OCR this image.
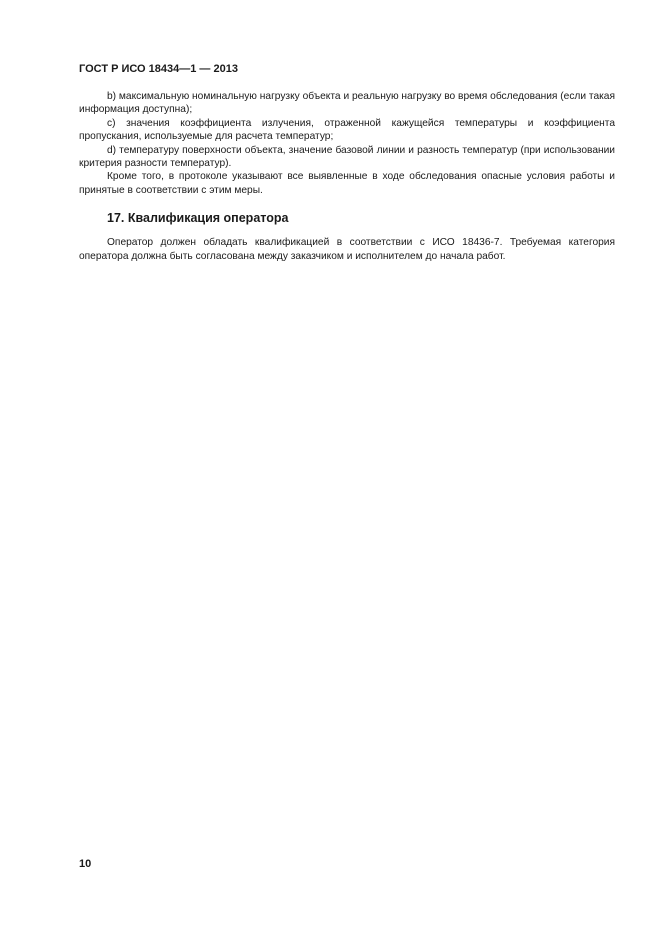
ГОСТ Р ИСО 18434—1 — 2013

b) максимальную номинальную нагрузку объекта и реальную нагрузку во время обследования (если такая информация доступна);

c) значения коэффициента излучения, отраженной кажущейся температуры и коэффициента пропускания, используемые для расчета температур;

d) температуру поверхности объекта, значение базовой линии и разность температур (при использовании критерия разности температур).

Кроме того, в протоколе указывают все выявленные в ходе обследования опасные условия работы и принятые в соответствии с этим меры.

17. Квалификация оператора

Оператор должен обладать квалификацией в соответствии с ИСО 18436-7. Требуемая категория оператора должна быть согласована между заказчиком и исполнителем до начала работ.

10
